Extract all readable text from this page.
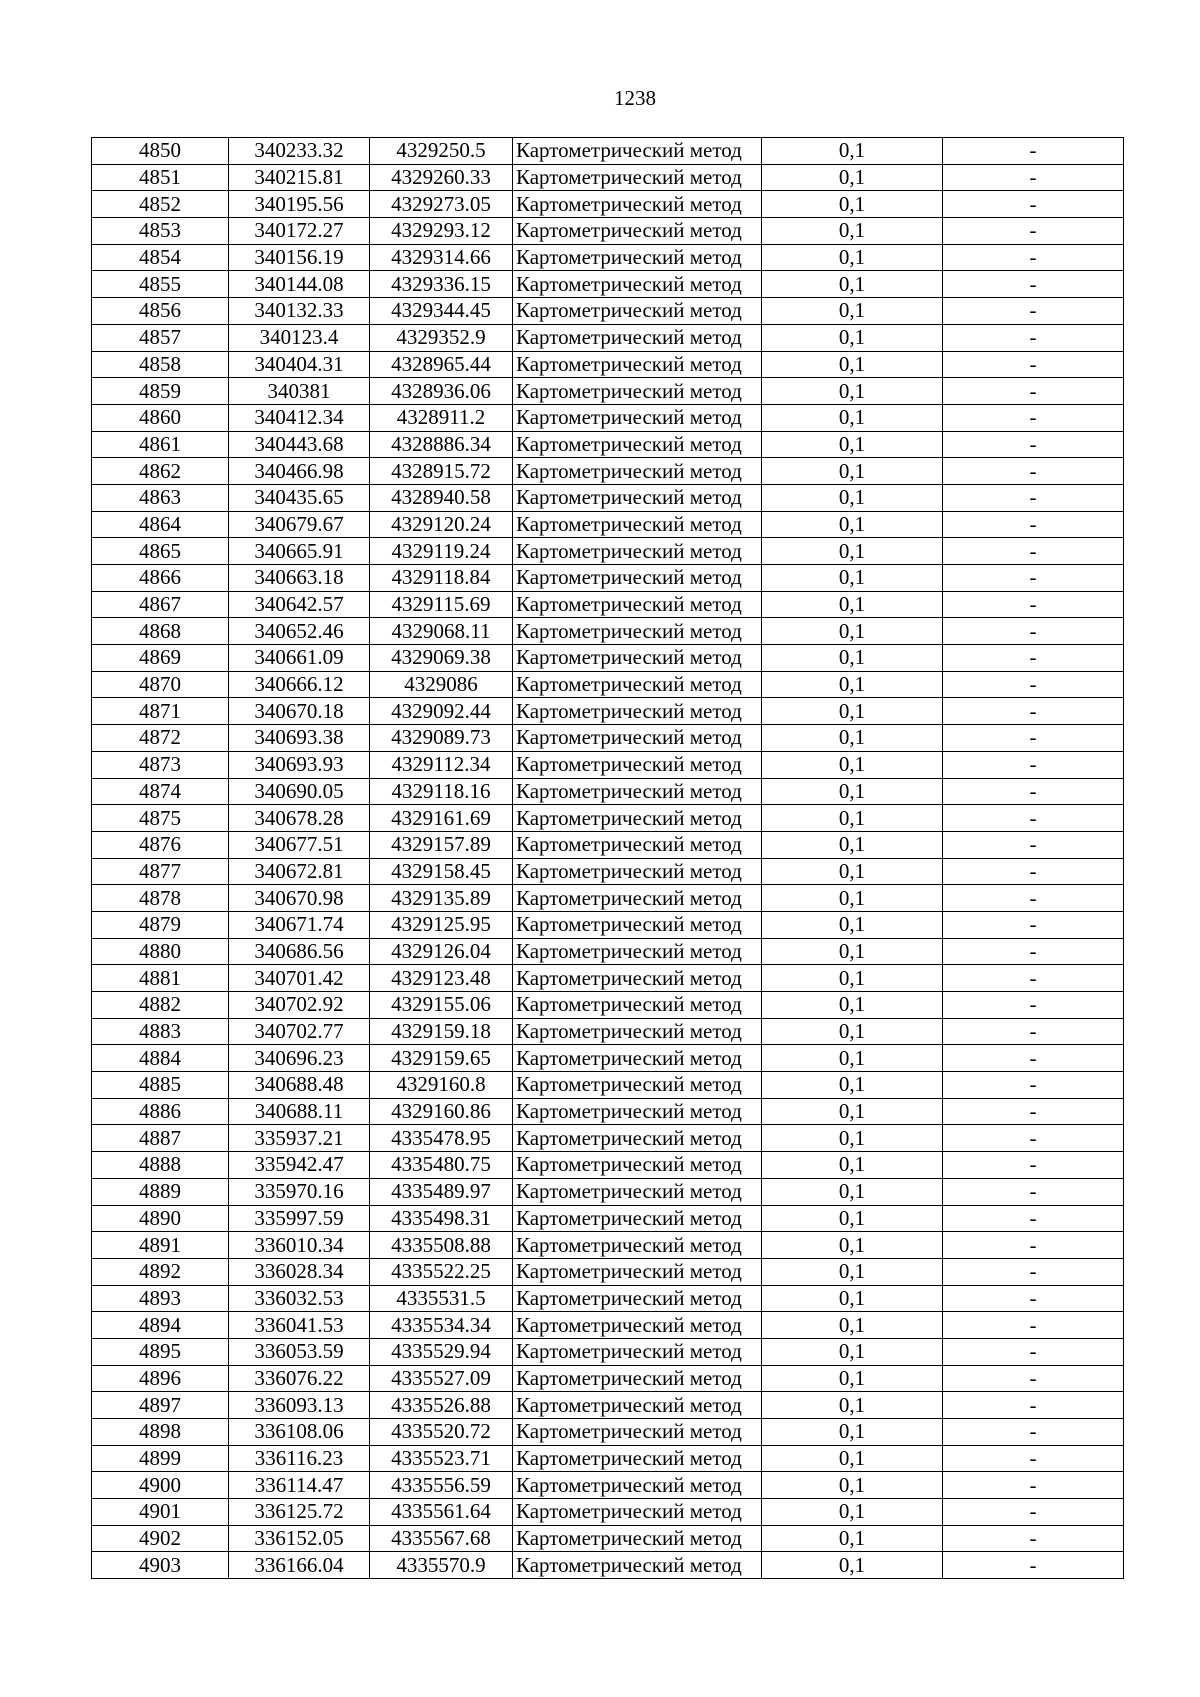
1238
4850	340233.32	4329250.5	Картометрический метод	0,1	-
4851	340215.81	4329260.33	Картометрический метод	0,1	-
4852	340195.56	4329273.05	Картометрический метод	0,1	-
4853	340172.27	4329293.12	Картометрический метод	0,1	-
4854	340156.19	4329314.66	Картометрический метод	0,1	-
4855	340144.08	4329336.15	Картометрический метод	0,1	-
4856	340132.33	4329344.45	Картометрический метод	0,1	-
4857	340123.4	4329352.9	Картометрический метод	0,1	-
4858	340404.31	4328965.44	Картометрический метод	0,1	-
4859	340381	4328936.06	Картометрический метод	0,1	-
4860	340412.34	4328911.2	Картометрический метод	0,1	-
4861	340443.68	4328886.34	Картометрический метод	0,1	-
4862	340466.98	4328915.72	Картометрический метод	0,1	-
4863	340435.65	4328940.58	Картометрический метод	0,1	-
4864	340679.67	4329120.24	Картометрический метод	0,1	-
4865	340665.91	4329119.24	Картометрический метод	0,1	-
4866	340663.18	4329118.84	Картометрический метод	0,1	-
4867	340642.57	4329115.69	Картометрический метод	0,1	-
4868	340652.46	4329068.11	Картометрический метод	0,1	-
4869	340661.09	4329069.38	Картометрический метод	0,1	-
4870	340666.12	4329086	Картометрический метод	0,1	-
4871	340670.18	4329092.44	Картометрический метод	0,1	-
4872	340693.38	4329089.73	Картометрический метод	0,1	-
4873	340693.93	4329112.34	Картометрический метод	0,1	-
4874	340690.05	4329118.16	Картометрический метод	0,1	-
4875	340678.28	4329161.69	Картометрический метод	0,1	-
4876	340677.51	4329157.89	Картометрический метод	0,1	-
4877	340672.81	4329158.45	Картометрический метод	0,1	-
4878	340670.98	4329135.89	Картометрический метод	0,1	-
4879	340671.74	4329125.95	Картометрический метод	0,1	-
4880	340686.56	4329126.04	Картометрический метод	0,1	-
4881	340701.42	4329123.48	Картометрический метод	0,1	-
4882	340702.92	4329155.06	Картометрический метод	0,1	-
4883	340702.77	4329159.18	Картометрический метод	0,1	-
4884	340696.23	4329159.65	Картометрический метод	0,1	-
4885	340688.48	4329160.8	Картометрический метод	0,1	-
4886	340688.11	4329160.86	Картометрический метод	0,1	-
4887	335937.21	4335478.95	Картометрический метод	0,1	-
4888	335942.47	4335480.75	Картометрический метод	0,1	-
4889	335970.16	4335489.97	Картометрический метод	0,1	-
4890	335997.59	4335498.31	Картометрический метод	0,1	-
4891	336010.34	4335508.88	Картометрический метод	0,1	-
4892	336028.34	4335522.25	Картометрический метод	0,1	-
4893	336032.53	4335531.5	Картометрический метод	0,1	-
4894	336041.53	4335534.34	Картометрический метод	0,1	-
4895	336053.59	4335529.94	Картометрический метод	0,1	-
4896	336076.22	4335527.09	Картометрический метод	0,1	-
4897	336093.13	4335526.88	Картометрический метод	0,1	-
4898	336108.06	4335520.72	Картометрический метод	0,1	-
4899	336116.23	4335523.71	Картометрический метод	0,1	-
4900	336114.47	4335556.59	Картометрический метод	0,1	-
4901	336125.72	4335561.64	Картометрический метод	0,1	-
4902	336152.05	4335567.68	Картометрический метод	0,1	-
4903	336166.04	4335570.9	Картометрический метод	0,1	-
